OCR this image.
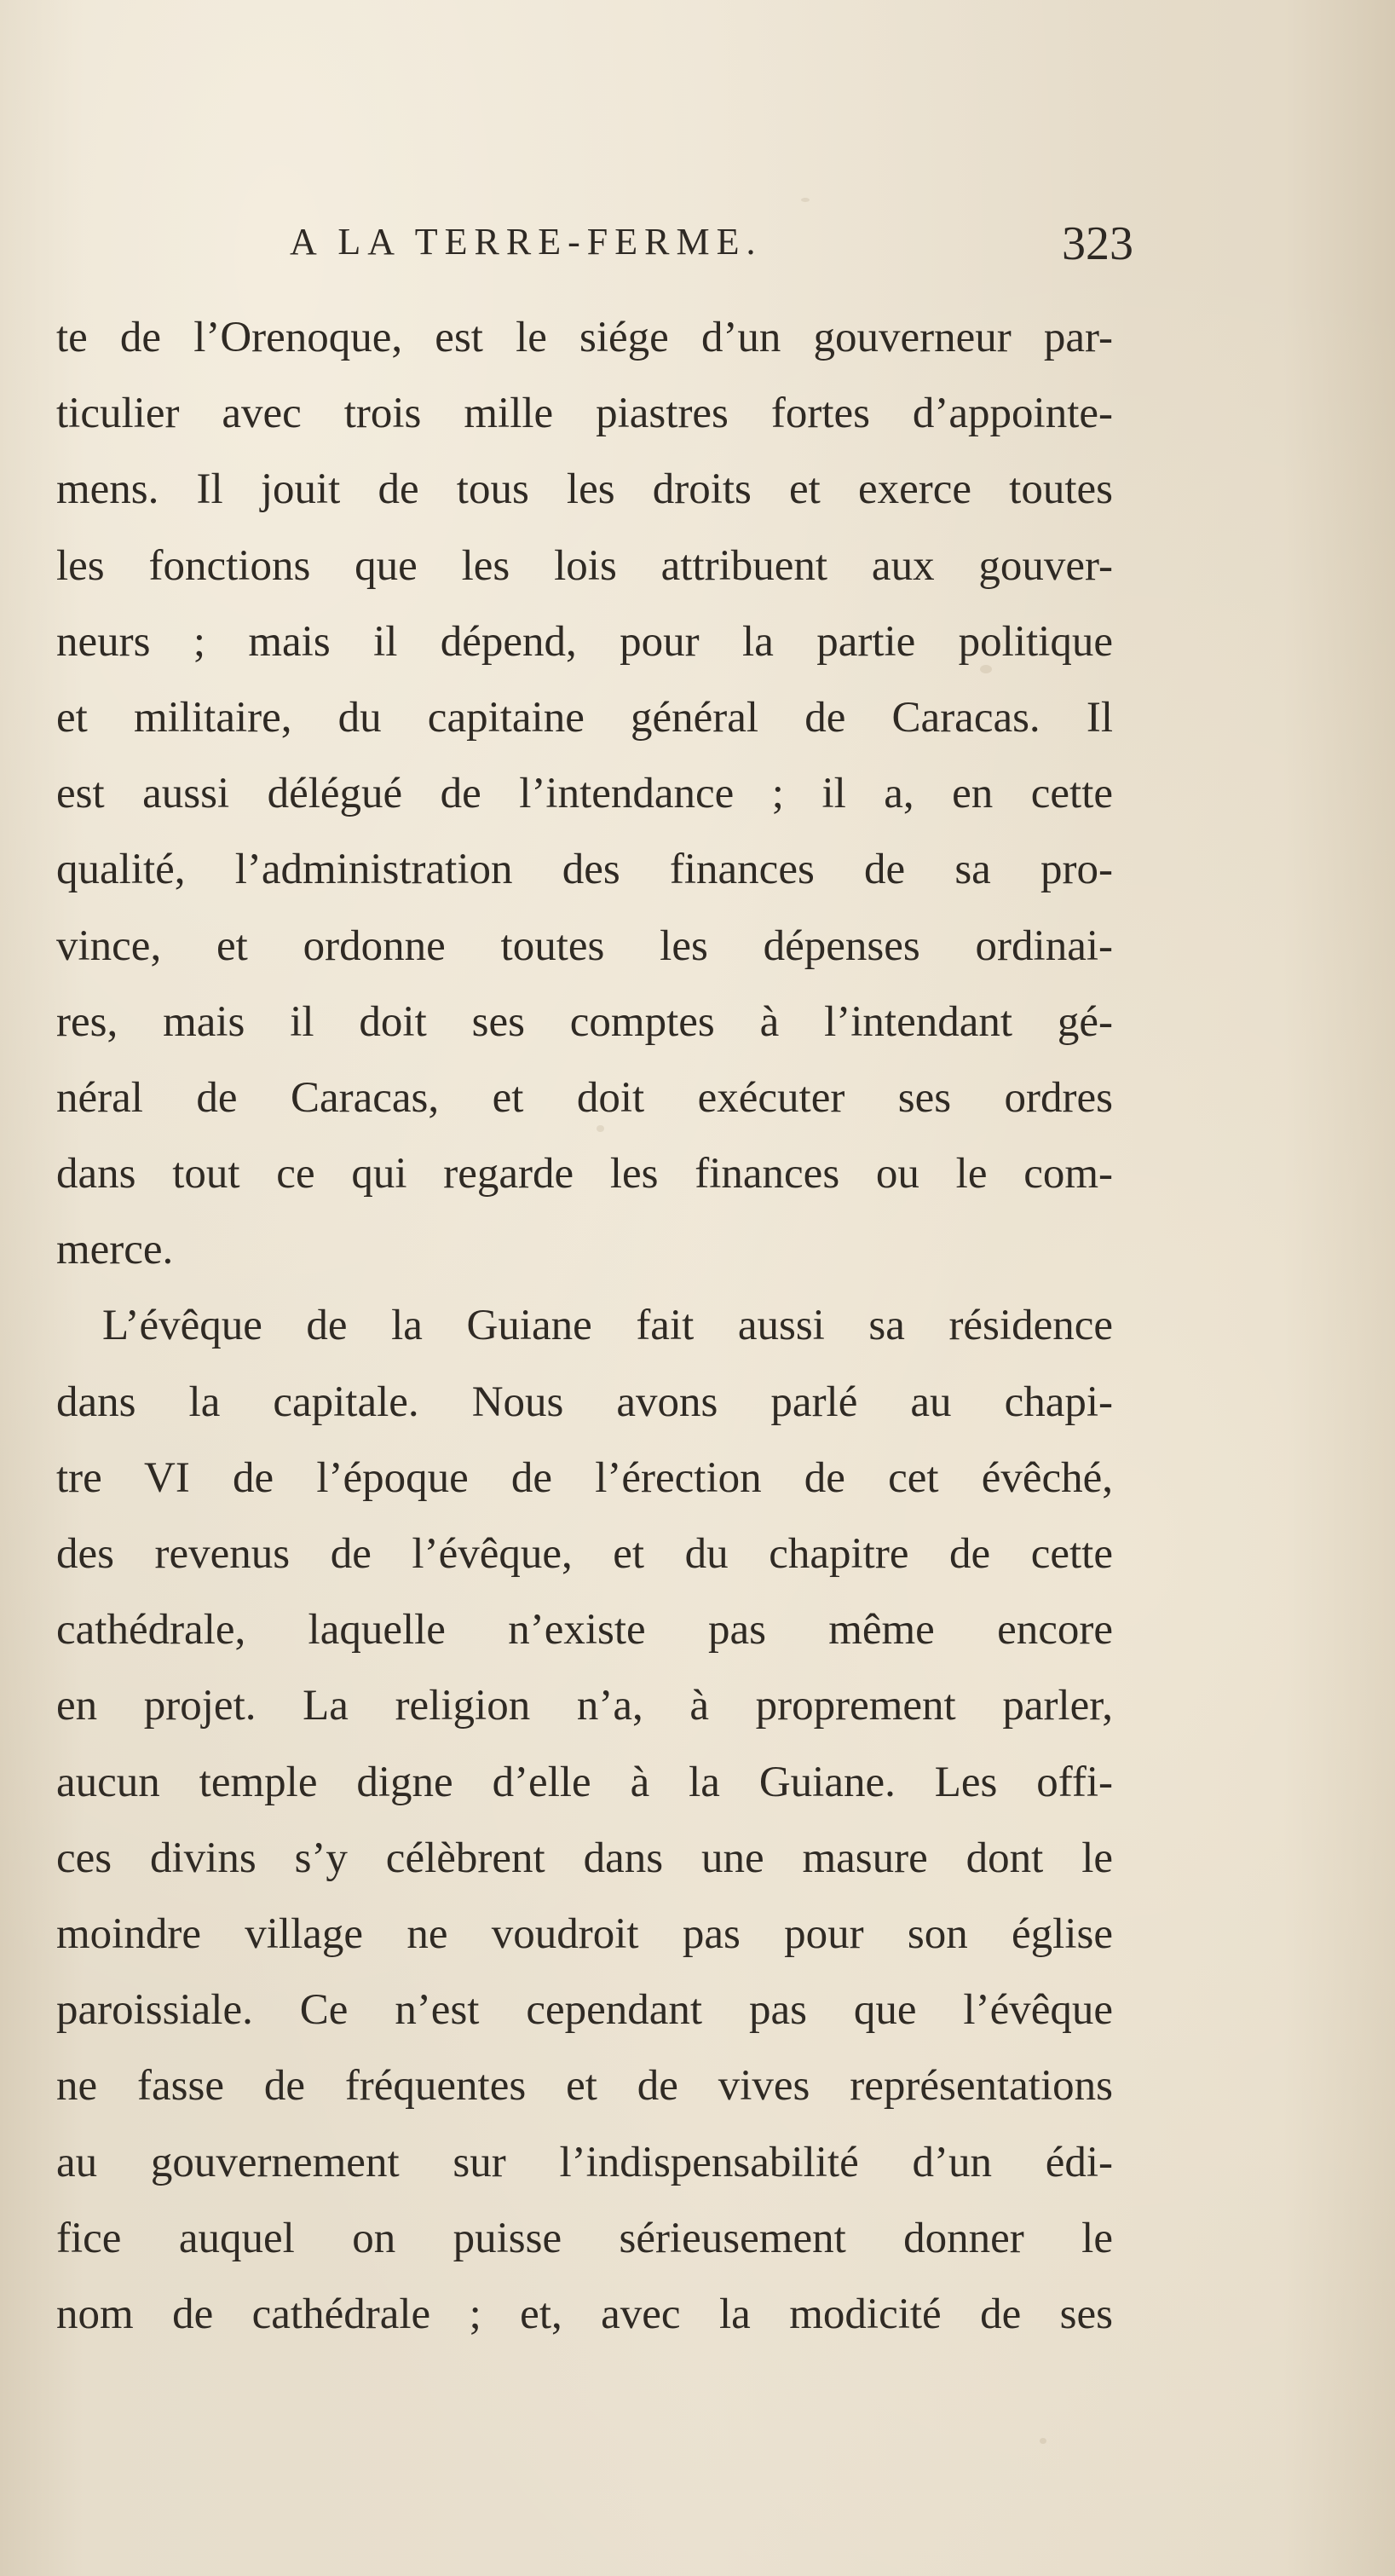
A LA TERRE-FERME.	323
te de l’Orenoque, est le siége d’un gouverneur par-
ticulier avec trois mille piastres fortes d’appointe-
mens. Il jouit de tous les droits et exerce toutes
les fonctions que les lois attribuent aux gouver-
neurs ; mais il dépend, pour la partie politique
et militaire, du capitaine général de Caracas. Il
est aussi délégué de l’intendance ; il a, en cette
qualité, l’administration des finances de sa pro-
vince, et ordonne toutes les dépenses ordinai-
res, mais il doit ses comptes à l’intendant gé-
néral de Caracas, et doit exécuter ses ordres
dans tout ce qui regarde les finances ou le com-
merce.
L’évêque de la Guiane fait aussi sa résidence
dans la capitale. Nous avons parlé au chapi-
tre VI de l’époque de l’érection de cet évêché,
des revenus de l’évêque, et du chapitre de cette
cathédrale, laquelle n’existe pas même encore
en projet. La religion n’a, à proprement parler,
aucun temple digne d’elle à la Guiane. Les offi-
ces divins s’y célèbrent dans une masure dont le
moindre village ne voudroit pas pour son église
paroissiale. Ce n’est cependant pas que l’évêque
ne fasse de fréquentes et de vives représentations
au gouvernement sur l’indispensabilité d’un édi-
fice auquel on puisse sérieusement donner le
nom de cathédrale ; et, avec la modicité de ses
